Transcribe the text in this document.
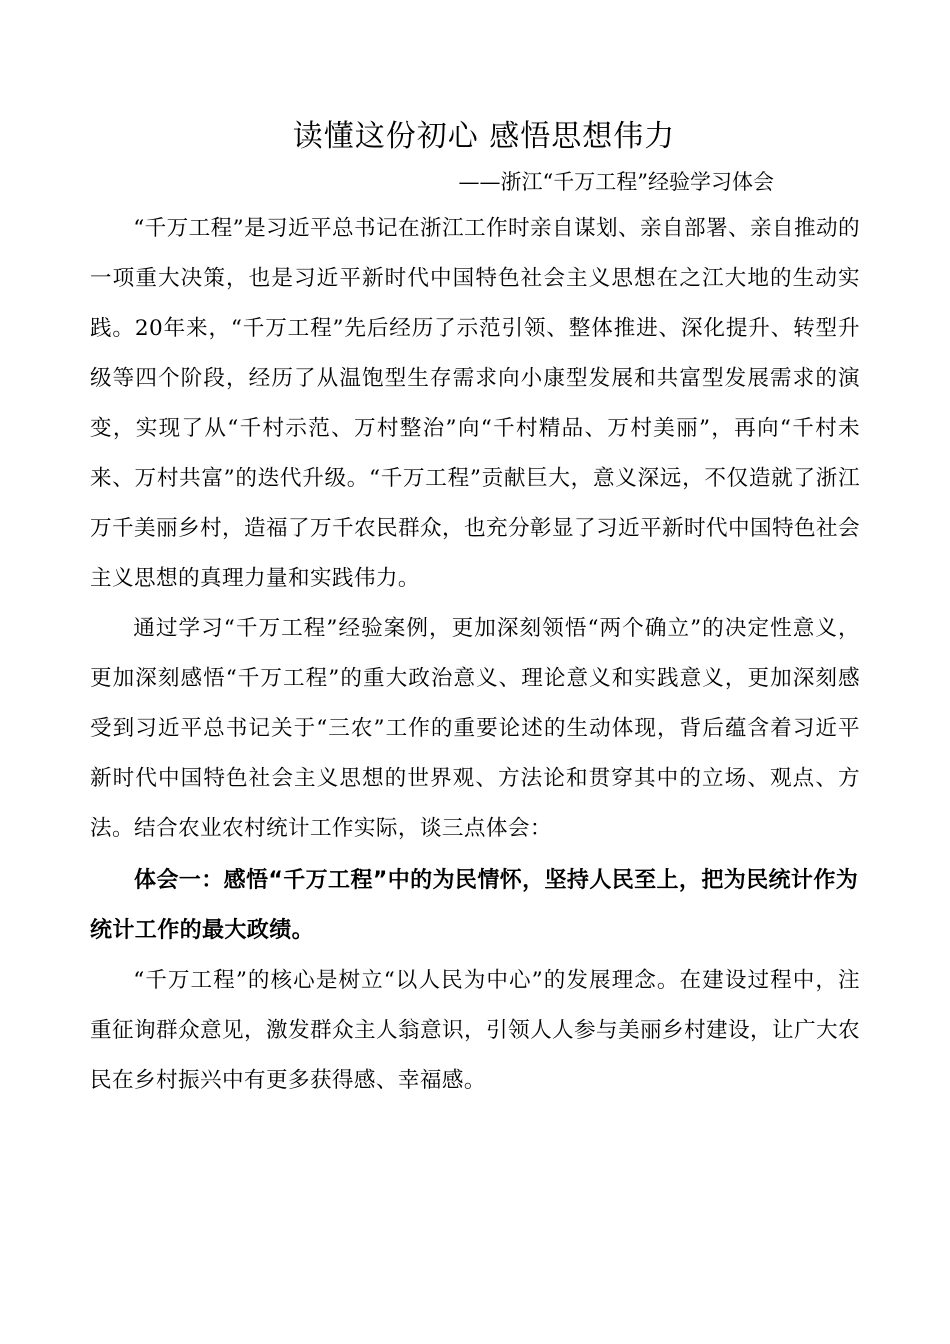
读懂这份初心 感悟思想伟力

——浙江“千万工程”经验学习体会

“千万工程”是习近平总书记在浙江工作时亲自谋划、亲自部署、亲自推动的一项重大决策，也是习近平新时代中国特色社会主义思想在之江大地的生动实践。20年来，“千万工程”先后经历了示范引领、整体推进、深化提升、转型升级等四个阶段，经历了从温饱型生存需求向小康型发展和共富型发展需求的演变，实现了从“千村示范、万村整治”向“千村精品、万村美丽”，再向“千村未来、万村共富”的迭代升级。“千万工程”贡献巨大，意义深远，不仅造就了浙江万千美丽乡村，造福了万千农民群众，也充分彰显了习近平新时代中国特色社会主义思想的真理力量和实践伟力。

通过学习“千万工程”经验案例，更加深刻领悟“两个确立”的决定性意义，更加深刻感悟“千万工程”的重大政治意义、理论意义和实践意义，更加深刻感受到习近平总书记关于“三农”工作的重要论述的生动体现，背后蕴含着习近平新时代中国特色社会主义思想的世界观、方法论和贯穿其中的立场、观点、方法。结合农业农村统计工作实际，谈三点体会：

体会一：感悟“千万工程”中的为民情怀，坚持人民至上，把为民统计作为统计工作的最大政绩。

“千万工程”的核心是树立“以人民为中心”的发展理念。在建设过程中，注重征询群众意见，激发群众主人翁意识，引领人人参与美丽乡村建设，让广大农民在乡村振兴中有更多获得感、幸福感。
